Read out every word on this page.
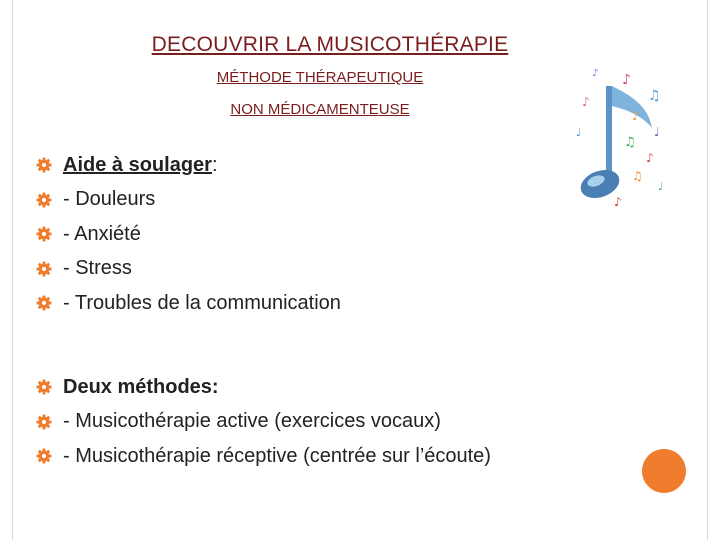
DECOUVRIR LA MUSICOTHÉRAPIE
MÉTHODE THÉRAPEUTIQUE
NON MÉDICAMENTEUSE
♪
♫
♪
♩
♫
♪
♪
♩
♫
♪
♩
♪
Aide à soulager:
- Douleurs
- Anxiété
- Stress
- Troubles de la communication
Deux méthodes:
- Musicothérapie active (exercices vocaux)
- Musicothérapie réceptive (centrée sur l’écoute)
